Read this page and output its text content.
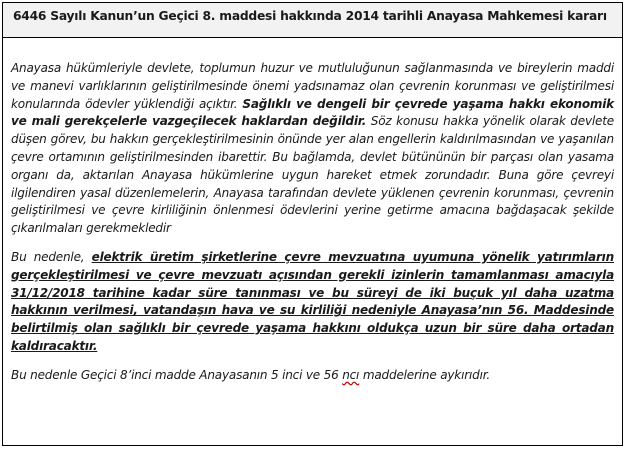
6446 Sayılı Kanun’un Geçici 8. maddesi hakkında 2014 tarihli Anayasa Mahkemesi kararı

Anayasa hükümleriyle devlete, toplumun huzur ve mutluluğunun sağlanmasında ve bireylerin maddi ve manevi varlıklarının geliştirilmesinde önemi yadsınamaz olan çevrenin korunması ve geliştirilmesi konularında ödevler yüklendiği açıktır. Sağlıklı ve dengeli bir çevrede yaşama hakkı ekonomik ve mali gerekçelerle vazgeçilecek haklardan değildir. Söz konusu hakka yönelik olarak devlete düşen görev, bu hakkın gerçekleştirilmesinin önünde yer alan engellerin kaldırılmasından ve yaşanılan çevre ortamının geliştirilmesinden ibarettir. Bu bağlamda, devlet bütününün bir parçası olan yasama organı da, aktarılan Anayasa hükümlerine uygun hareket etmek zorundadır. Buna göre çevreyi ilgilendiren yasal düzenlemelerin, Anayasa tarafından devlete yüklenen çevrenin korunması, çevrenin geliştirilmesi ve çevre kirliliğinin önlenmesi ödevlerini yerine getirme amacına bağdaşacak şekilde çıkarılmaları gerekmekledir

Bu nedenle, elektrik üretim şirketlerine çevre mevzuatına uyumuna yönelik yatırımların gerçekleştirilmesi ve çevre mevzuatı açısından gerekli izinlerin tamamlanması amacıyla 31/12/2018 tarihine kadar süre tanınması ve bu süreyi de iki buçuk yıl daha uzatma hakkının verilmesi, vatandaşın hava ve su kirliliği nedeniyle Anayasa’nın 56. Maddesinde belirtilmiş olan sağlıklı bir çevrede yaşama hakkını oldukça uzun bir süre daha ortadan kaldıracaktır.

Bu nedenle Geçici 8’inci madde Anayasanın 5 inci ve 56 ncı maddelerine aykırıdır.
